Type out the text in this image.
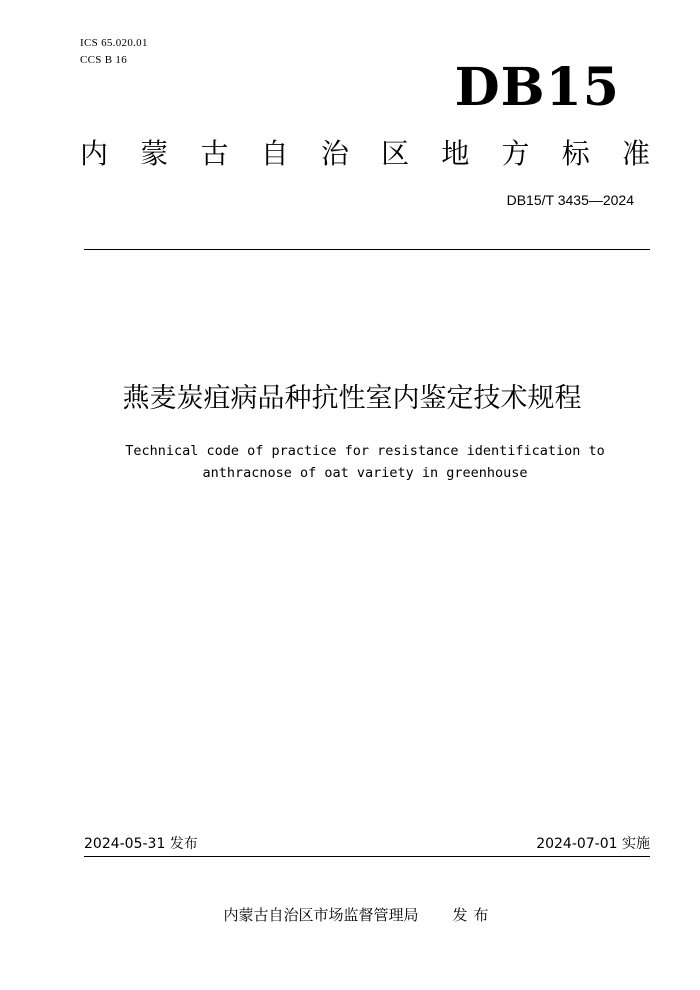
ICS 65.020.01
CCS B 16	DB15
内 蒙 古 自 治 区 地 方 标 准
DB15/T 3435—2024
燕麦炭疽病品种抗性室内鉴定技术规程
Technical code of practice for resistance identification to
anthracnose of oat variety in greenhouse
2024-05-31 发布	2024-07-01 实施
内蒙古自治区市场监督管理局 发布
